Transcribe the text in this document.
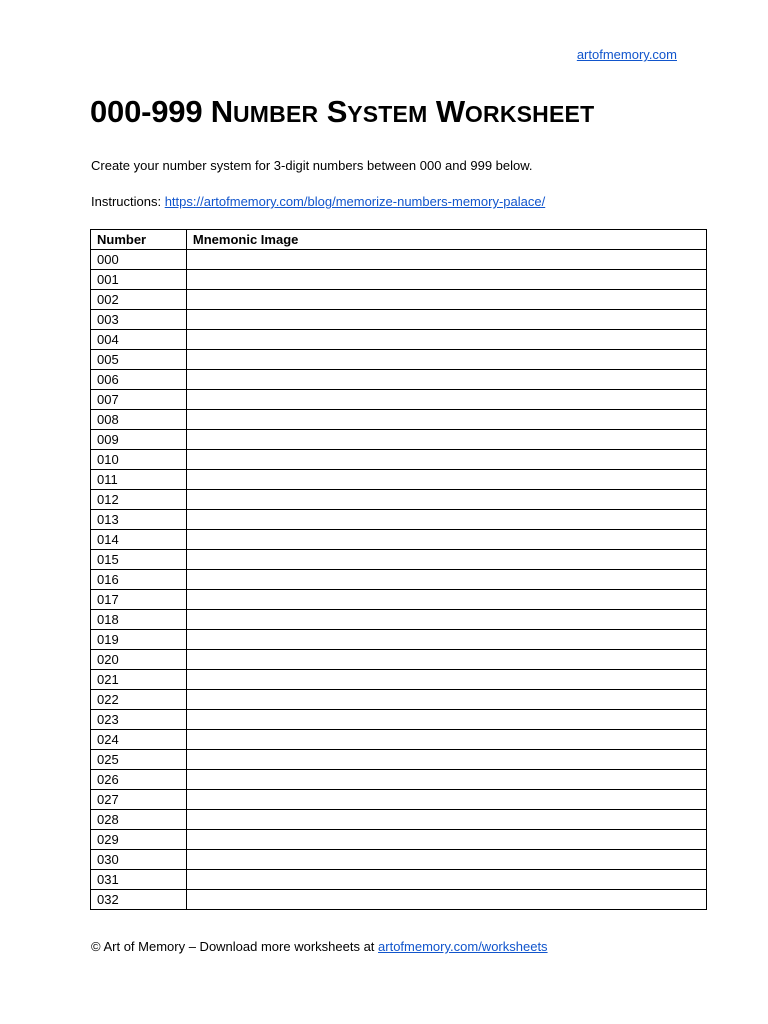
artofmemory.com
000-999 NUMBER SYSTEM WORKSHEET

Create your number system for 3-digit numbers between 000 and 999 below.

Instructions: https://artofmemory.com/blog/memorize-numbers-memory-palace/

Number	Mnemonic Image
000	
001	
002	
003	
004	
005	
006	
007	
008	
009	
010	
011	
012	
013	
014	
015	
016	
017	
018	
019	
020	
021	
022	
023	
024	
025	
026	
027	
028	
029	
030	
031	
032	

© Art of Memory – Download more worksheets at artofmemory.com/worksheets
